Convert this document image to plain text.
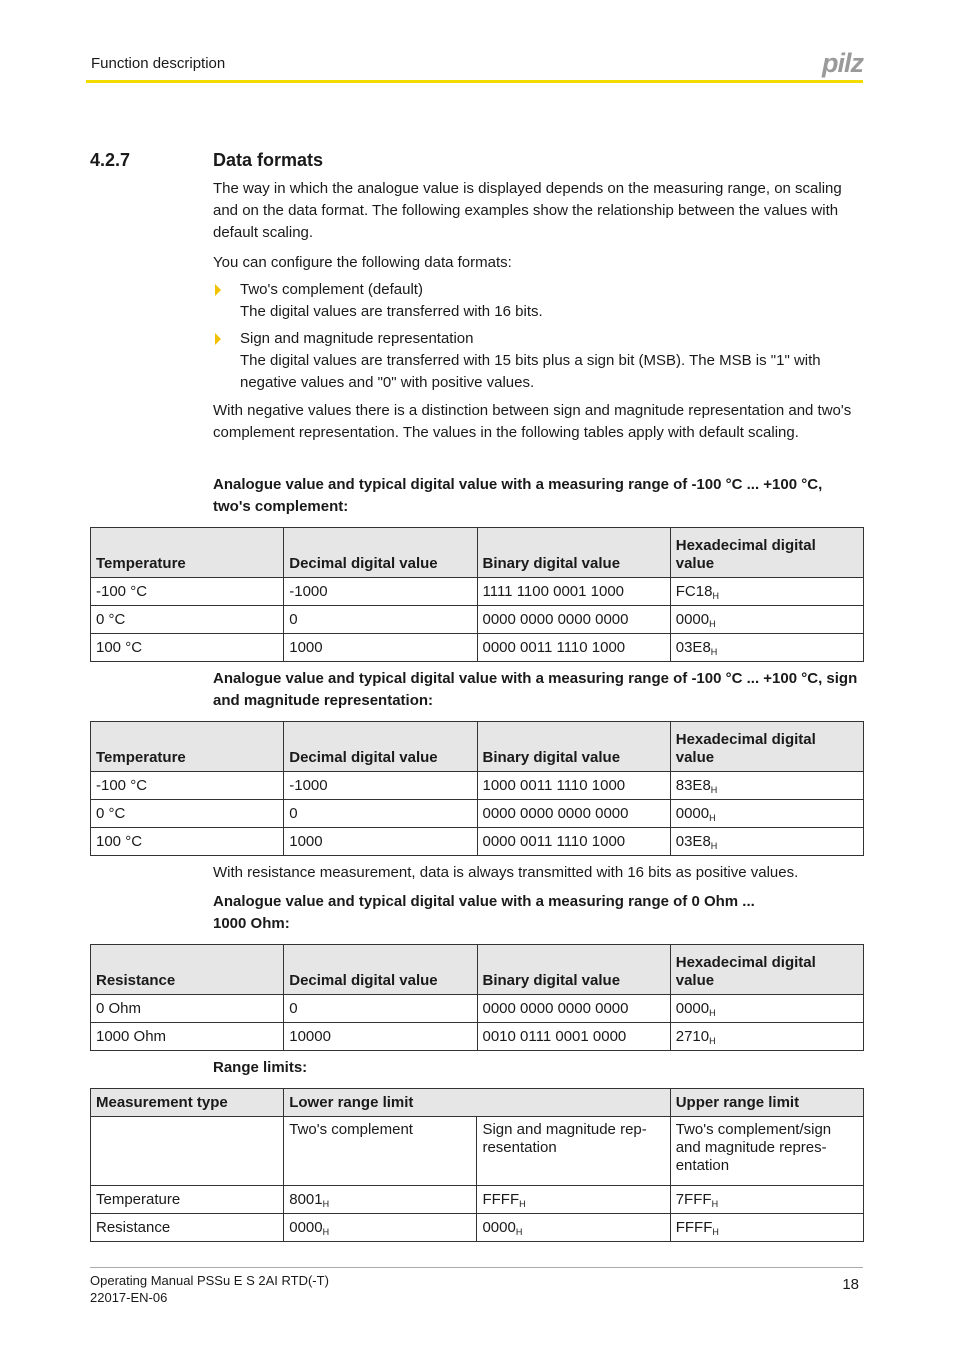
Function description	pilz
4.2.7	Data formats

The way in which the analogue value is displayed depends on the measuring range, on scaling and on the data format. The following examples show the relationship between the values with default scaling.

You can configure the following data formats:

Two's complement (default)
The digital values are transferred with 16 bits.
Sign and magnitude representation
The digital values are transferred with 15 bits plus a sign bit (MSB). The MSB is "1" with negative values and "0" with positive values.

With negative values there is a distinction between sign and magnitude representation and two's complement representation. The values in the following tables apply with default scaling.

Analogue value and typical digital value with a measuring range of -100 °C ... +100 °C, two's complement:
Temperature	Decimal digital value	Binary digital value	Hexadecimal digital value
-100 °C	-1000	1111 1100 0001 1000	$FC18_H$
0 °C	0	0000 0000 0000 0000	$0000_H$
100 °C	1000	0000 0011 1110 1000	$03E8_H$
Analogue value and typical digital value with a measuring range of -100 °C ... +100 °C, sign and magnitude representation:
Temperature	Decimal digital value	Binary digital value	Hexadecimal digital value
-100 °C	-1000	1000 0011 1110 1000	$83E8_H$
0 °C	0	0000 0000 0000 0000	$0000_H$
100 °C	1000	0000 0011 1110 1000	$03E8_H$
With resistance measurement, data is always transmitted with 16 bits as positive values.
Analogue value and typical digital value with a measuring range of 0 Ohm ...
1000 Ohm:
Resistance	Decimal digital value	Binary digital value	Hexadecimal digital value
0 Ohm	0	0000 0000 0000 0000	$0000_H$
1000 Ohm	10000	0010 0111 0001 0000	$2710_H$
Range limits:
Measurement type	Lower range limit		Upper range limit
	Two's complement	Sign and magnitude representation	Two's complement/sign and magnitude representation
Temperature	$8001_H$	$FFFF_H$	$7FFF_H$
Resistance	$0000_H$	$0000_H$	$FFFF_H$
Operating Manual PSSu E S 2AI RTD(-T)
22017-EN-06
18
